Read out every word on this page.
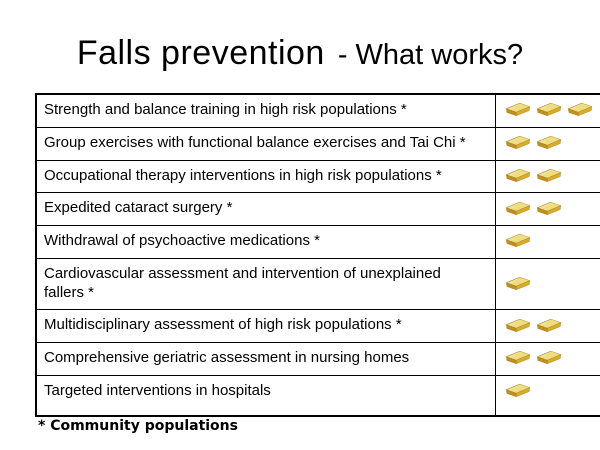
Falls prevention - What works?
Strength and balance training in high risk populations *	
Group exercises with functional balance exercises and Tai Chi *	
Occupational therapy interventions in high risk populations *	
Expedited cataract surgery *	
Withdrawal of psychoactive medications *	
Cardiovascular assessment and intervention of unexplained fallers *	
Multidisciplinary assessment of high risk populations *	
Comprehensive geriatric assessment in nursing homes	
Targeted interventions in hospitals	
* Community populations
